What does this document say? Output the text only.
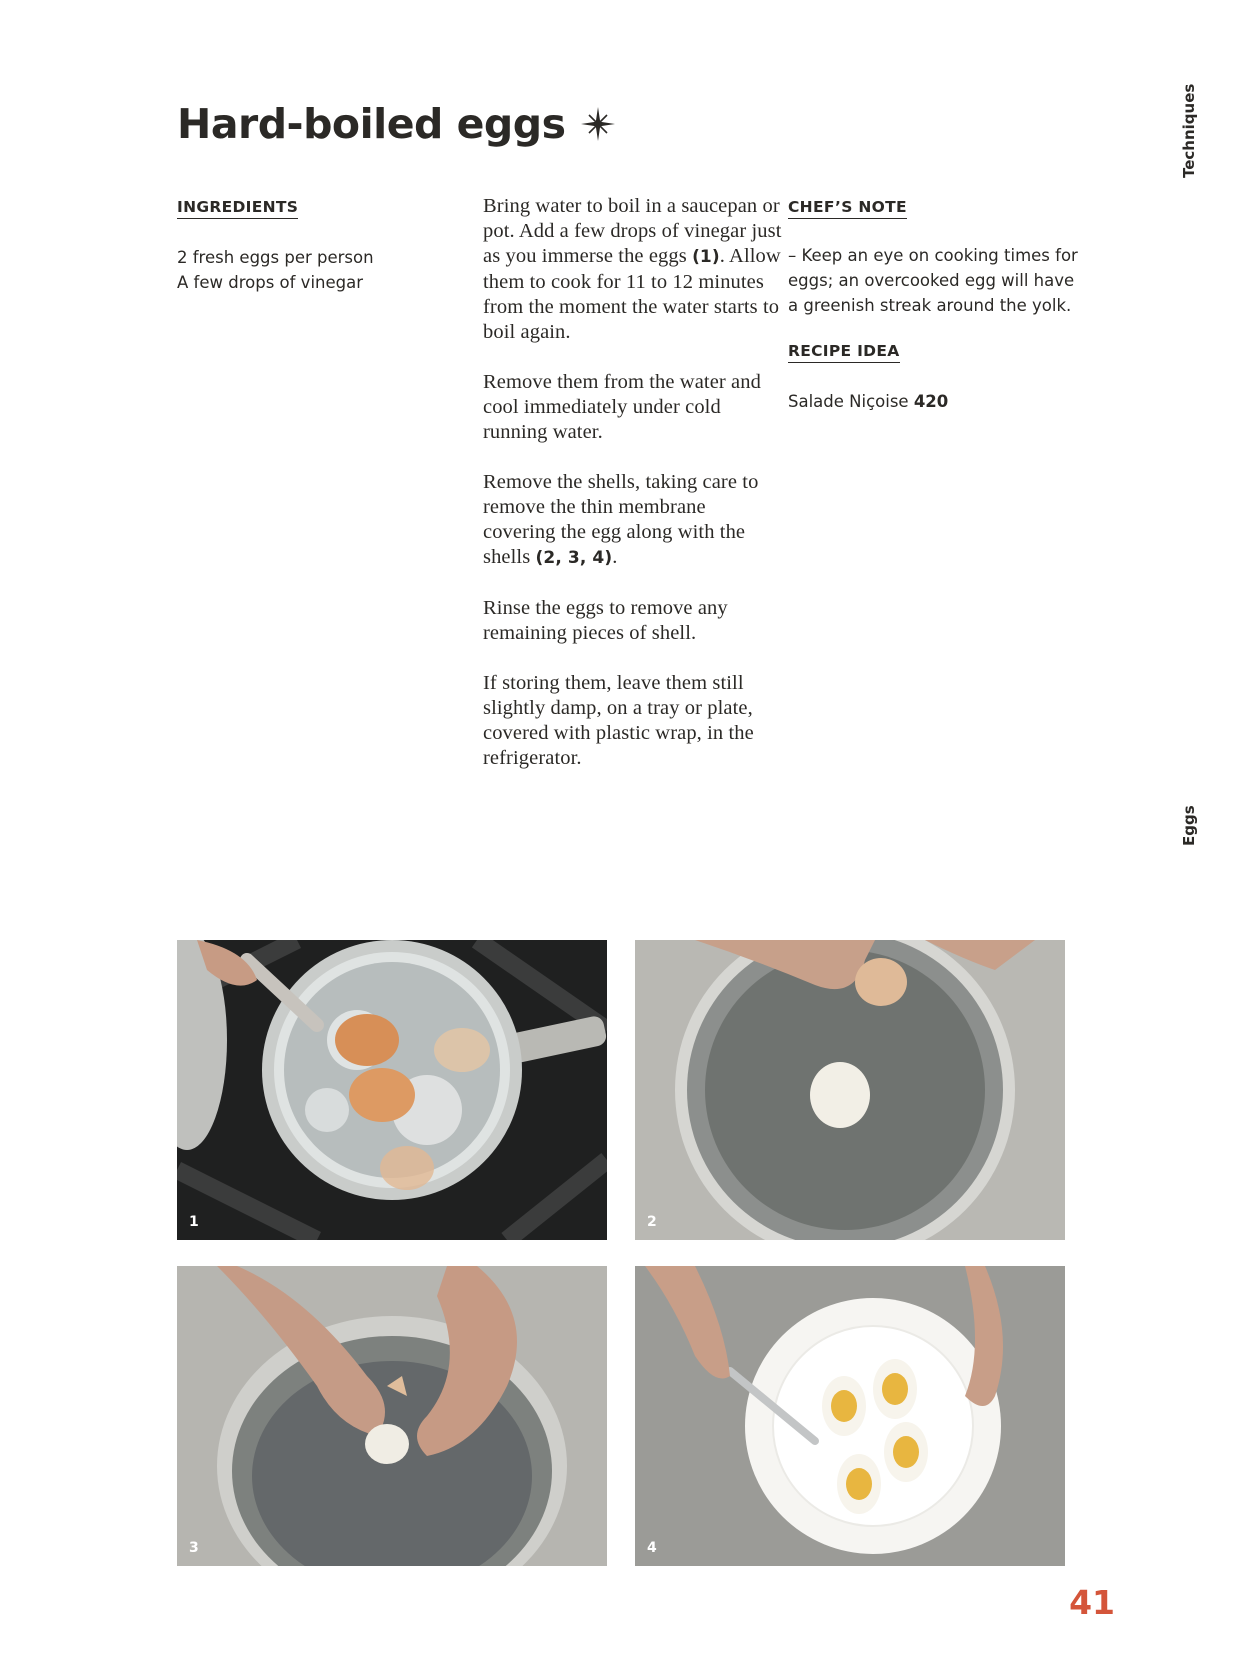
Hard-boiled eggs	Techniques
Eggs
INGREDIENTS

2 fresh eggs per person

A few drops of vinegar

Bring water to boil in a saucepan or pot. Add a few drops of vinegar just as you immerse the eggs (1). Allow them to cook for 11 to 12 minutes from the moment the water starts to boil again.

Remove them from the water and cool immediately under cold running water.

Remove the shells, taking care to remove the thin membrane covering the egg along with the shells (2, 3, 4).

Rinse the eggs to remove any remaining pieces of shell.

If storing them, leave them still slightly damp, on a tray or plate, covered with plastic wrap, in the refrigerator.

CHEF’S NOTE

– Keep an eye on cooking times for eggs; an overcooked egg will have a greenish streak around the yolk.

RECIPE IDEA

Salade Niçoise 420

1	2
3	4
41
